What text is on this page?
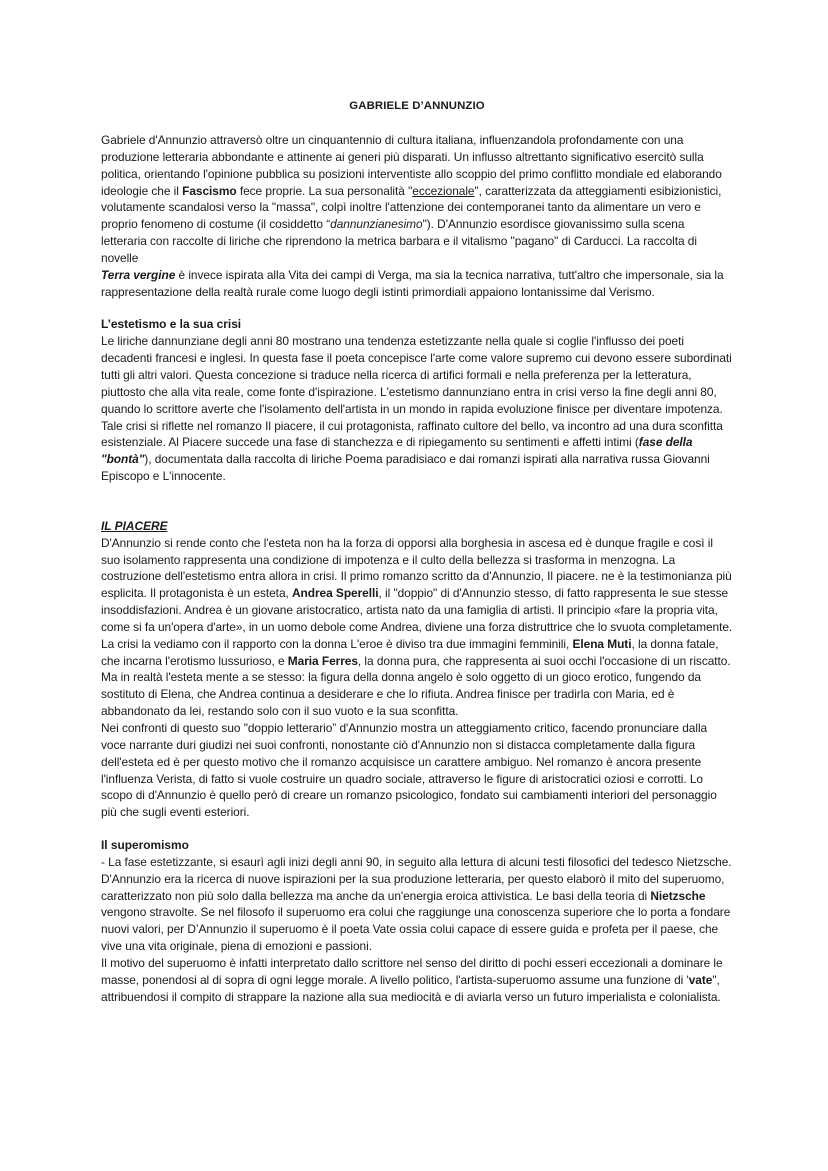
GABRIELE D’ANNUNZIO

Gabriele d'Annunzio attraversò oltre un cinquantennio di cultura italiana, influenzandola profondamente con una produzione letteraria abbondante e attinente ai generi più disparati. Un influsso altrettanto significativo esercitò sulla politica, orientando l'opinione pubblica su posizioni interventiste allo scoppio del primo conflitto mondiale ed elaborando ideologie che il Fascismo fece proprie. La sua personalità "eccezionale", caratterizzata da atteggiamenti esibizionistici, volutamente scandalosi verso la "massa", colpì inoltre l'attenzione dei contemporanei tanto da alimentare un vero e proprio fenomeno di costume (il cosiddetto “dannunzianesimo"). D'Annunzio esordisce giovanissimo sulla scena letteraria con raccolte di liriche che riprendono la metrica barbara e il vitalismo "pagano" di Carducci. La raccolta di novelle
Terra vergine è invece ispirata alla Vita dei campi di Verga, ma sia la tecnica narrativa, tutt'altro che impersonale, sia la rappresentazione della realtà rurale come luogo degli istinti primordiali appaiono lontanissime dal Verismo.

L’estetismo e la sua crisi

Le liriche dannunziane degli anni 80 mostrano una tendenza estetizzante nella quale si coglie l'influsso dei poeti decadenti francesi e inglesi. In questa fase il poeta concepisce l'arte come valore supremo cui devono essere subordinati tutti gli altri valori. Questa concezione si traduce nella ricerca di artifici formali e nella preferenza per la letteratura, piuttosto che alla vita reale, come fonte d'ispirazione. L'estetismo dannunziano entra in crisi verso la fine degli anni 80, quando lo scrittore averte che l'isolamento dell'artista in un mondo in rapida evoluzione finisce per diventare impotenza. Tale crisi si riflette nel romanzo Il piacere, il cui protagonista, raffinato cultore del bello, va incontro ad una dura sconfitta esistenziale. Al Piacere succede una fase di stanchezza e di ripiegamento su sentimenti e affetti intimi (fase della "bontà"), documentata dalla raccolta di liriche Poema paradisiaco e dai romanzi ispirati alla narrativa russa Giovanni Episcopo e L'innocente.

IL PIACERE

D'Annunzio si rende conto che l'esteta non ha la forza di opporsi alla borghesia in ascesa ed è dunque fragile e così il suo isolamento rappresenta una condizione di impotenza e il culto della bellezza si trasforma in menzogna. La costruzione dell'estetismo entra allora in crisi. Il primo romanzo scritto da d'Annunzio, Il piacere. ne è la testimonianza più esplicita. Il protagonista è un esteta, Andrea Sperelli, il "doppio" di d'Annunzio stesso, di fatto rappresenta le sue stesse insoddisfazioni. Andrea è un giovane aristocratico, artista nato da una famiglia di artisti. Il principio «fare la propria vita, come si fa un'opera d'arte», in un uomo debole come Andrea, diviene una forza distruttrice che lo svuota completamente. La crisi la vediamo con il rapporto con la donna L'eroe è diviso tra due immagini femminili, Elena Muti, la donna fatale, che incarna l'erotismo lussurioso, e Maria Ferres, la donna pura, che rappresenta ai suoi occhi l'occasione di un riscatto. Ma in realtà l'esteta mente a se stesso: la figura della donna angelo è solo oggetto di un gioco erotico, fungendo da sostituto di Elena, che Andrea continua a desiderare e che lo rifiuta. Andrea finisce per tradirla con Maria, ed è abbandonato da lei, restando solo con il suo vuoto e la sua sconfitta.

Nei confronti di questo suo "doppio letterario” d'Annunzio mostra un atteggiamento critico, facendo pronunciare dalla voce narrante duri giudizi nei suoi confronti, nonostante ciò d'Annunzio non si distacca completamente dalla figura dell'esteta ed è per questo motivo che il romanzo acquisisce un carattere ambiguo. Nel romanzo è ancora presente l'influenza Verista, di fatto si vuole costruire un quadro sociale, attraverso le figure di aristocratici oziosi e corrotti. Lo scopo di d'Annunzio è quello però di creare un romanzo psicologico, fondato sui cambiamenti interiori del personaggio più che sugli eventi esteriori.

Il superomismo

- La fase estetizzante, si esaurì agli inizi degli anni 90, in seguito alla lettura di alcuni testi filosofici del tedesco Nietzsche. D'Annunzio era la ricerca di nuove ispirazioni per la sua produzione letteraria, per questo elaborò il mito del superuomo, caratterizzato non più solo dalla bellezza ma anche da un'energia eroica attivistica. Le basi della teoria di Nietzsche vengono stravolte. Se nel filosofo il superuomo era colui che raggiunge una conoscenza superiore che lo porta a fondare nuovi valori, per D’Annunzio il superuomo è il poeta Vate ossia colui capace di essere guida e profeta per il paese, che vive una vita originale, piena di emozioni e passioni.

Il motivo del superuomo è infatti interpretato dallo scrittore nel senso del diritto di pochi esseri eccezionali a dominare le masse, ponendosi al di sopra di ogni legge morale. A livello politico, l'artista-superuomo assume una funzione di 'vate", attribuendosi il compito di strappare la nazione alla sua mediocità e di aviarla verso un futuro imperialista e colonialista.
